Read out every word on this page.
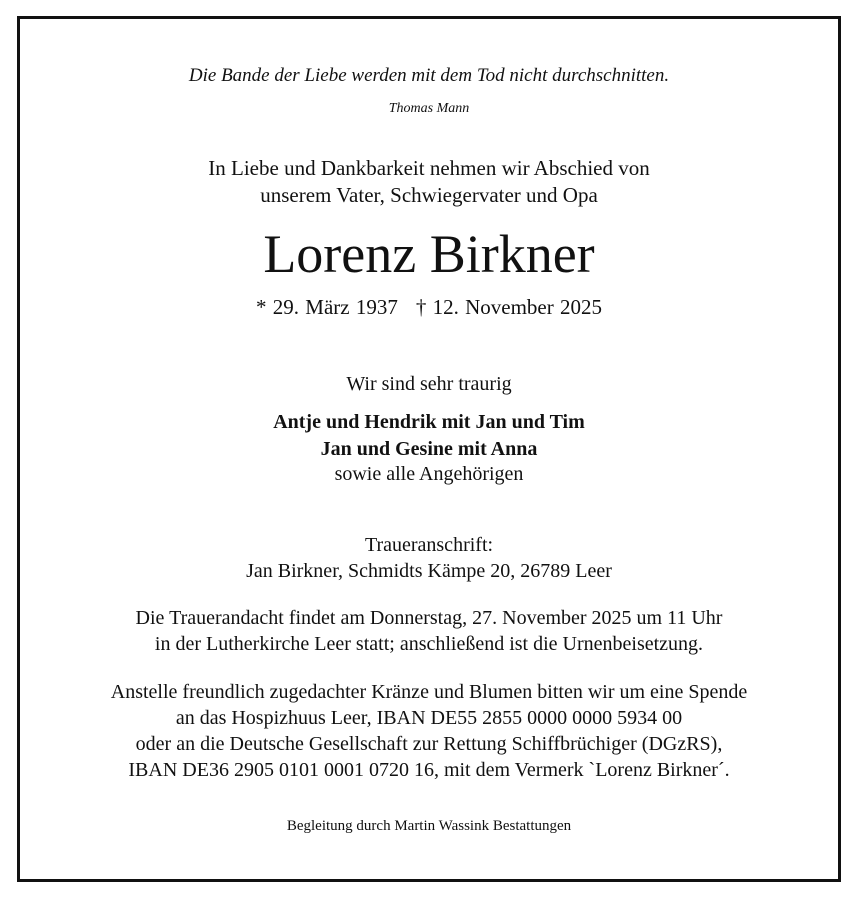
Die Bande der Liebe werden mit dem Tod nicht durchschnitten.
Thomas Mann
In Liebe und Dankbarkeit nehmen wir Abschied von
unserem Vater, Schwiegervater und Opa
Lorenz Birkner
* 29. März 1937 † 12. November 2025
Wir sind sehr traurig
Antje und Hendrik mit Jan und Tim
Jan und Gesine mit Anna
sowie alle Angehörigen
Traueranschrift:
Jan Birkner, Schmidts Kämpe 20, 26789 Leer
Die Trauerandacht findet am Donnerstag, 27. November 2025 um 11 Uhr
in der Lutherkirche Leer statt; anschließend ist die Urnenbeisetzung.
Anstelle freundlich zugedachter Kränze und Blumen bitten wir um eine Spende
an das Hospizhuus Leer, IBAN DE55 2855 0000 0000 5934 00
oder an die Deutsche Gesellschaft zur Rettung Schiffbrüchiger (DGzRS),
IBAN DE36 2905 0101 0001 0720 16, mit dem Vermerk `Lorenz Birkner´.
Begleitung durch Martin Wassink Bestattungen
